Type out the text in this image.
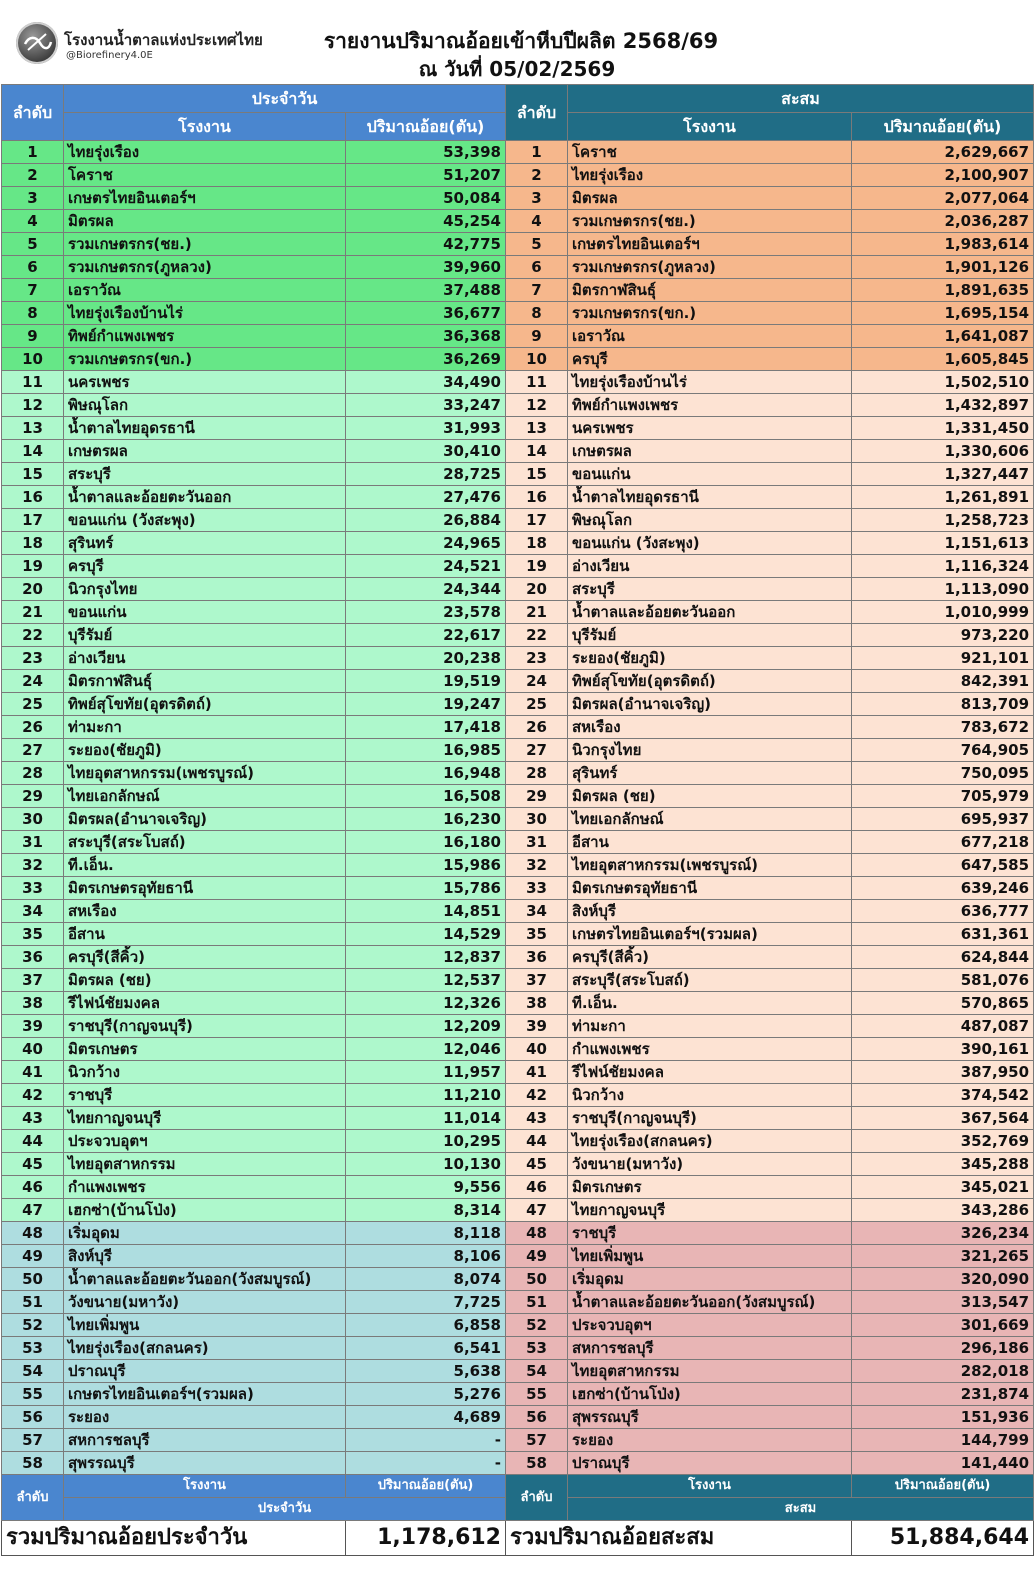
โรงงานน้ำตาลแห่งประเทศไทย
@Biorefinery4.0E
รายงานปริมาณอ้อยเข้าหีบปีผลิต 2568/69
ณ วันที่ 05/02/2569
ลำดับ	ประจำวัน		ลำดับ	สะสม	
	โรงงาน	ปริมาณอ้อย(ตัน)		โรงงาน	ปริมาณอ้อย(ตัน)
1	ไทยรุ่งเรือง	53,398	1	โคราช	2,629,667
2	โคราช	51,207	2	ไทยรุ่งเรือง	2,100,907
3	เกษตรไทยอินเตอร์ฯ	50,084	3	มิตรผล	2,077,064
4	มิตรผล	45,254	4	รวมเกษตรกร(ชย.)	2,036,287
5	รวมเกษตรกร(ชย.)	42,775	5	เกษตรไทยอินเตอร์ฯ	1,983,614
6	รวมเกษตรกร(ภูหลวง)	39,960	6	รวมเกษตรกร(ภูหลวง)	1,901,126
7	เอราวัณ	37,488	7	มิตรกาฬสินธุ์	1,891,635
8	ไทยรุ่งเรืองบ้านไร่	36,677	8	รวมเกษตรกร(ขก.)	1,695,154
9	ทิพย์กำแพงเพชร	36,368	9	เอราวัณ	1,641,087
10	รวมเกษตรกร(ขก.)	36,269	10	ครบุรี	1,605,845
11	นครเพชร	34,490	11	ไทยรุ่งเรืองบ้านไร่	1,502,510
12	พิษณุโลก	33,247	12	ทิพย์กำแพงเพชร	1,432,897
13	น้ำตาลไทยอุดรธานี	31,993	13	นครเพชร	1,331,450
14	เกษตรผล	30,410	14	เกษตรผล	1,330,606
15	สระบุรี	28,725	15	ขอนแก่น	1,327,447
16	น้ำตาลและอ้อยตะวันออก	27,476	16	น้ำตาลไทยอุดรธานี	1,261,891
17	ขอนแก่น (วังสะพุง)	26,884	17	พิษณุโลก	1,258,723
18	สุรินทร์	24,965	18	ขอนแก่น (วังสะพุง)	1,151,613
19	ครบุรี	24,521	19	อ่างเวียน	1,116,324
20	นิวกรุงไทย	24,344	20	สระบุรี	1,113,090
21	ขอนแก่น	23,578	21	น้ำตาลและอ้อยตะวันออก	1,010,999
22	บุรีรัมย์	22,617	22	บุรีรัมย์	973,220
23	อ่างเวียน	20,238	23	ระยอง(ชัยภูมิ)	921,101
24	มิตรกาฬสินธุ์	19,519	24	ทิพย์สุโขทัย(อุตรดิตถ์)	842,391
25	ทิพย์สุโขทัย(อุตรดิตถ์)	19,247	25	มิตรผล(อำนาจเจริญ)	813,709
26	ท่ามะกา	17,418	26	สหเรือง	783,672
27	ระยอง(ชัยภูมิ)	16,985	27	นิวกรุงไทย	764,905
28	ไทยอุตสาหกรรม(เพชรบูรณ์)	16,948	28	สุรินทร์	750,095
29	ไทยเอกลักษณ์	16,508	29	มิตรผล (ชย)	705,979
30	มิตรผล(อำนาจเจริญ)	16,230	30	ไทยเอกลักษณ์	695,937
31	สระบุรี(สระโบสถ์)	16,180	31	อีสาน	677,218
32	ที.เอ็น.	15,986	32	ไทยอุตสาหกรรม(เพชรบูรณ์)	647,585
33	มิตรเกษตรอุทัยธานี	15,786	33	มิตรเกษตรอุทัยธานี	639,246
34	สหเรือง	14,851	34	สิงห์บุรี	636,777
35	อีสาน	14,529	35	เกษตรไทยอินเตอร์ฯ(รวมผล)	631,361
36	ครบุรี(สีคิ้ว)	12,837	36	ครบุรี(สีคิ้ว)	624,844
37	มิตรผล (ชย)	12,537	37	สระบุรี(สระโบสถ์)	581,076
38	รีไฟน์ชัยมงคล	12,326	38	ที.เอ็น.	570,865
39	ราชบุรี(กาญจนบุรี)	12,209	39	ท่ามะกา	487,087
40	มิตรเกษตร	12,046	40	กำแพงเพชร	390,161
41	นิวกว้าง	11,957	41	รีไฟน์ชัยมงคล	387,950
42	ราชบุรี	11,210	42	นิวกว้าง	374,542
43	ไทยกาญจนบุรี	11,014	43	ราชบุรี(กาญจนบุรี)	367,564
44	ประจวบอุตฯ	10,295	44	ไทยรุ่งเรือง(สกลนคร)	352,769
45	ไทยอุตสาหกรรม	10,130	45	วังขนาย(มหาวัง)	345,288
46	กำแพงเพชร	9,556	46	มิตรเกษตร	345,021
47	เฮกซ่า(บ้านโป่ง)	8,314	47	ไทยกาญจนบุรี	343,286
48	เริ่มอุดม	8,118	48	ราชบุรี	326,234
49	สิงห์บุรี	8,106	49	ไทยเพิ่มพูน	321,265
50	น้ำตาลและอ้อยตะวันออก(วังสมบูรณ์)	8,074	50	เริ่มอุดม	320,090
51	วังขนาย(มหาวัง)	7,725	51	น้ำตาลและอ้อยตะวันออก(วังสมบูรณ์)	313,547
52	ไทยเพิ่มพูน	6,858	52	ประจวบอุตฯ	301,669
53	ไทยรุ่งเรือง(สกลนคร)	6,541	53	สหการชลบุรี	296,186
54	ปราณบุรี	5,638	54	ไทยอุตสาหกรรม	282,018
55	เกษตรไทยอินเตอร์ฯ(รวมผล)	5,276	55	เฮกซ่า(บ้านโป่ง)	231,874
56	ระยอง	4,689	56	สุพรรณบุรี	151,936
57	สหการชลบุรี	-	57	ระยอง	144,799
58	สุพรรณบุรี	-	58	ปราณบุรี	141,440
ลำดับ	โรงงาน	ปริมาณอ้อย(ตัน)	ลำดับ	โรงงาน	ปริมาณอ้อย(ตัน)
	ประจำวัน			สะสม	
รวมปริมาณอ้อยประจำวัน		1,178,612	รวมปริมาณอ้อยสะสม		51,884,644
